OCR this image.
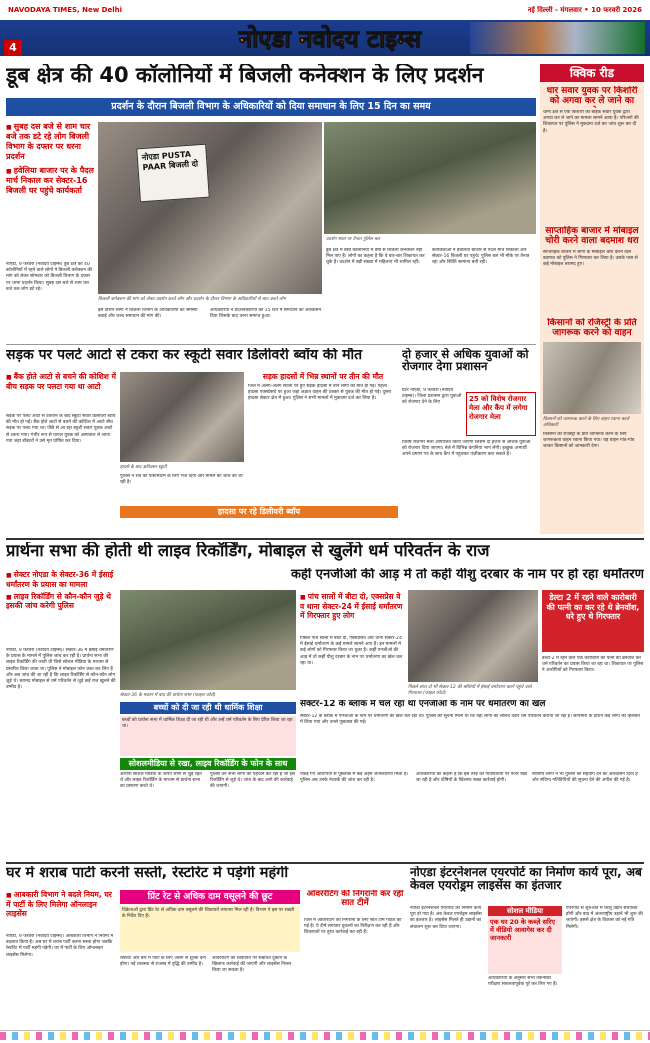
NAVODAYA TIMES, New Delhi	नई दिल्ली - मंगलवार • 10 फरवरी 2026
4	नोएडा नवोदय टाइम्स
डूब क्षेत्र की 40 कॉलोनियों में बिजली कनेक्शन के लिए प्रदर्शन
प्रदर्शन के दौरान बिजली विभाग के अधिकारियों को दिया समाधान के लिए 15 दिन का समय
■ सुबह दस बजे से शाम चार बजे तक डटे रहे लोग बिजली विभाग के दफ्तर पर धरना प्रदर्शन
■ हवेलिया बाजार पर के पैदल मार्च निकाल कर सेक्टर-16 बिजली घर पहुंचे कार्यकर्ता
नोएडा, 9 फरवरी (नवोदय टाइम्स) डूब क्षेत्र की 40 कॉलोनियों में रहने वाले लोगों ने बिजली कनेक्शन की मांग को लेकर सोमवार को बिजली विभाग के दफ्तर पर धरना प्रदर्शन किया। सुबह दस बजे से शाम चार बजे तक लोग डटे रहे।
नोएडा PUSTA PAAR बिजली दो
बिजली कनेक्शन की मांग को लेकर प्रदर्शन करते लोग और प्रदर्शन के दौरान विभाग के अधिकारियों से बात करते लोग
प्रदर्शन स्थल पर तैनात पुलिस बल
इस दौरान लोगों ने बिजली विभाग के अधिकारियों को समस्या बताई और जल्द समाधान की मांग की।
अधिकारियों ने प्रदर्शनकारियों को 15 दिन में समाधान का आश्वासन दिया जिसके बाद धरना समाप्त हुआ।
डूब क्षेत्र में बसी कॉलोनियों में वर्षों से बिजली कनेक्शन नहीं मिल पाए हैं। लोगों का कहना है कि वे बार-बार शिकायत कर चुके हैं। प्रदर्शन में बड़ी संख्या में महिलाएं भी शामिल रहीं।
कार्यकर्ताओं ने हवेलिया बाजार से पैदल मार्च निकाला और सेक्टर-16 बिजली घर पहुंचे। पुलिस बल भी मौके पर तैनात रहा और स्थिति सामान्य बनी रही।
क्विक रीड
धार सवार युवक पर किशोरी को अगवा कर ले जाने का
थाना क्षेत्र से एक किशोरी को बाइक सवार युवक द्वारा अगवा कर ले जाने का मामला सामने आया है। परिजनों की शिकायत पर पुलिस ने मुकदमा दर्ज कर जांच शुरू कर दी है।
साप्ताहिक बाजार में मोबाइल चोरी करने वाला बदमाश धरा
साप्ताहिक बाजार में लोगों के मोबाइल चोरी करने वाले बदमाश को पुलिस ने गिरफ्तार कर लिया है। उसके पास से कई मोबाइल बरामद हुए।
किसानों को रजिस्ट्री के प्रति जागरूक करने को वाहन
किसानों को जागरूक करने के लिए वाहन रवाना करते अधिकारी
किसानों को रजिस्ट्री के प्रति जागरूक करने के लिए जागरूकता वाहन रवाना किया गया। यह वाहन गांव-गांव जाकर किसानों को जानकारी देगा।
सड़क पर पलटे आटो से टकरा कर स्कूटी सवार डिलीवरी ब्वॉय की मौत
■ बैंक होते आटो से बचने की कोशिश में बीच सड़क पर पलटा गया था आटो
सड़क पर पलटे आटो से टकराने के बाद स्कूटी सवार डिलीवरी ब्वॉय की मौत हो गई। बैंक होते आटो से बचने की कोशिश में आटो बीच सड़क पर पलट गया था। पीछे से आ रहा स्कूटी सवार युवक आटो से टकरा गया। गंभीर रूप से घायल युवक को अस्पताल ले जाया गया जहां डॉक्टरों ने उसे मृत घोषित कर दिया।
हादसे के बाद क्षतिग्रस्त स्कूटी
पुलिस ने शव को पोस्टमार्टम के लिए भेज दिया और मामले की जांच की जा रही है।
हादसा पर रहे डिलीवरी ब्वॉय
सड़क हादसों में भिन्न स्थानों पर तीन की मौत
जिले में अलग-अलग स्थानों पर हुए सड़क हादसों में तीन लोगों की मौत हो गई। पहला हादसा एक्सप्रेसवे पर हुआ जहां अज्ञात वाहन की टक्कर से युवक की मौत हो गई। दूसरा हादसा सेक्टर क्षेत्र में हुआ। पुलिस ने सभी मामलों में मुकदमा दर्ज कर लिया है।
दो हजार से अधिक युवाओं को रोजगार देगा प्रशासन
ग्रेटर नोएडा, 9 फरवरी (नवोदय टाइम्स)। जिला प्रशासन द्वारा युवाओं को रोजगार देने के लिए	25 को विशेष रोजगार मेला और कैंप में लगेगा रोजगार मेला
विशेष रोजगार मेला आयोजित किया जाएगा जिसमें दो हजार से अधिक युवाओं को रोजगार दिया जाएगा। मेले में विभिन्न कंपनियां भाग लेंगी। इच्छुक अभ्यर्थी अपने प्रमाण पत्र के साथ कैंप में पहुंचकर पंजीकरण करा सकते हैं।
प्रार्थना सभा की होती थी लाइव रिकॉर्डिंग, मोबाइल से खुलेंगे धर्म परिवर्तन के राज
कहीं एनजीओ की आड़ में तो कहीं यीशु दरबार के नाम पर हो रहा धर्मांतरण
■ सेक्टर नोएडा के सेक्टर-36 में ईसाई धर्मांतरण के प्रयास का मामला
■ लाइव रिकॉर्डिंग से कौन-कौन जुड़े थे इसकी जांच करेगी पुलिस
नोएडा, 9 फरवरी (नवोदय टाइम्स)। सेक्टर-36 में ईसाई धर्मांतरण के प्रयास के मामले में पुलिस जांच कर रही है। प्रार्थना सभा की लाइव रिकॉर्डिंग की जाती थी जिसे सोशल मीडिया के माध्यम से प्रसारित किया जाता था। पुलिस ने मोबाइल फोन जब्त कर लिए हैं और अब जांच की जा रही है कि लाइव रिकॉर्डिंग से कौन-कौन लोग जुड़े थे। बरामद मोबाइल से धर्म परिवर्तन से जुड़े कई राज खुलने की उम्मीद है।
सेक्टर-36 के मकान में बाद की प्रार्थना सभा (फाइल फोटो)
बच्चों को दी जा रही थी धार्मिक शिक्षा
बच्चों को प्रार्थना सभा में धार्मिक शिक्षा दी जा रही थी और उन्हें धर्म परिवर्तन के लिए प्रेरित किया जा रहा था।
सोशलमीडिया से रखा, लाइव रिकॉर्डिंग के फोन के साथ
आरोपी सोशल मीडिया के जरिए लोगों से जुड़े रहते थे और लाइव रिकॉर्डिंग के माध्यम से प्रार्थना सभा का प्रसारण करते थे।
पुलिस उन सभी लोगों की पहचान कर रही है जो इस रिकॉर्डिंग से जुड़े थे। जांच के बाद आगे की कार्रवाई की जाएगी।
■ पांच सालों में बीटा दो, एक्सप्रेस वे व थाना सेक्टर-24 में ईसाई धर्मांतरण में गिरफ्तार हुए लोग
पिछले पांच सालों में बीटा दो, एक्सप्रेसवे और थाना सेक्टर-24 में ईसाई धर्मांतरण के कई मामले सामने आए हैं। इन मामलों में कई लोगों को गिरफ्तार किया जा चुका है। कहीं एनजीओ की आड़ में तो कहीं यीशु दरबार के नाम पर धर्मांतरण का खेल चल रहा था।
पिछले साल दो भी सेक्टर-12 की बस्तियों में ईसाई धर्मांतरण करने पहुंचे वाले गिरफ्तार (फाइल फोटो)
डेल्टा 2 में रहने वाले कारोबारी की पत्नी का कर रहे थे ब्रेनवॉश, धरे हुए थे गिरफ्तार
डेल्टा-2 में रहने वाले एक कारोबारी की पत्नी का ब्रेनवॉश कर धर्म परिवर्तन का प्रयास किया जा रहा था। शिकायत पर पुलिस ने आरोपियों को गिरफ्तार किया।
सेक्टर-12 के ब्लॉक में चल रहा था एनजीओ के नाम पर धर्मांतरण का खेल
सेक्टर-12 के ब्लॉक में एनजीओ के नाम पर धर्मांतरण का खेल चल रहा था। पुलिस को सूचना मिली थी कि यहां लोगों को लालच देकर धर्म परिवर्तन कराया जा रहा है। छापेमारी के दौरान कई लोगों को हिरासत में लिया गया और उनसे पूछताछ की गई।
पकड़े गए आरोपियों से पूछताछ में कई अहम जानकारियां मिली हैं। पुलिस अब उनके नेटवर्क की जांच कर रही है।
अधिकारियों का कहना है कि इस तरह की गतिविधियों पर नजर रखी जा रही है और दोषियों के खिलाफ सख्त कार्रवाई होगी।
स्थानीय लोगों ने भी पुलिस को सहयोग देने का आश्वासन दिया है और संदिग्ध गतिविधियों की सूचना देने की अपील की गई है।
घर में शराब पार्टी करनी सस्ती, रेस्टोरेंट में पड़ेगी महंगी
■ आबकारी विभाग ने बदले नियम, घर में पार्टी के लिए मिलेगा ऑनलाइन लाइसेंस
नोएडा, 9 फरवरी (नवोदय टाइम्स)। आबकारी विभाग ने नियमों में बदलाव किया है। अब घर में शराब पार्टी करना सस्ता होगा जबकि रेस्टोरेंट में पार्टी महंगी पड़ेगी। घर में पार्टी के लिए ऑनलाइन लाइसेंस मिलेगा।
प्रिंट रेट से अधिक दाम वसूलने की छूट
विक्रेताओं द्वारा प्रिंट रेट से अधिक दाम वसूलने की शिकायतें लगातार मिल रही हैं। विभाग ने इस पर सख्ती के निर्देश दिए हैं।
रेस्टोरेंट और बार में पार्टी के लिए अलग से शुल्क देना होगा। नई व्यवस्था से राजस्व में वृद्धि की उम्मीद है।
ओवररेटिंग की शिकायत पर संबंधित दुकान के खिलाफ कार्रवाई की जाएगी और लाइसेंस निरस्त किया जा सकता है।
ओवररेटिंग की निगरानी कर रही सात टीमें
जिले में ओवररेटिंग की निगरानी के लिए सात टीमें गठित की गई हैं। ये टीमें लगातार दुकानों का निरीक्षण कर रही हैं और शिकायतों पर तुरंत कार्रवाई कर रही हैं।
नोएडा इंटरनेशनल एयरपोर्ट का निर्माण कार्य पूरा, अब केवल एयरोड्रम लाइसेंस का इंतजार
नोएडा इंटरनेशनल एयरपोर्ट का निर्माण कार्य पूरा हो गया है। अब केवल एयरोड्रम लाइसेंस का इंतजार है। लाइसेंस मिलते ही उड़ानों का संचालन शुरू कर दिया जाएगा।
सोशल मीडिया
एक घर 20 के कब्ज़े सरिए में वीडियो आवागेस कर दी जानकारी
अधिकारियों के अनुसार सभी तकनीकी परीक्षण सफलतापूर्वक पूरे कर लिए गए हैं।
एयरपोर्ट से शुरुआत में घरेलू उड़ानें संचालित होंगी और बाद में अंतरराष्ट्रीय उड़ानें भी शुरू की जाएंगी। इससे क्षेत्र के विकास को नई गति मिलेगी।
